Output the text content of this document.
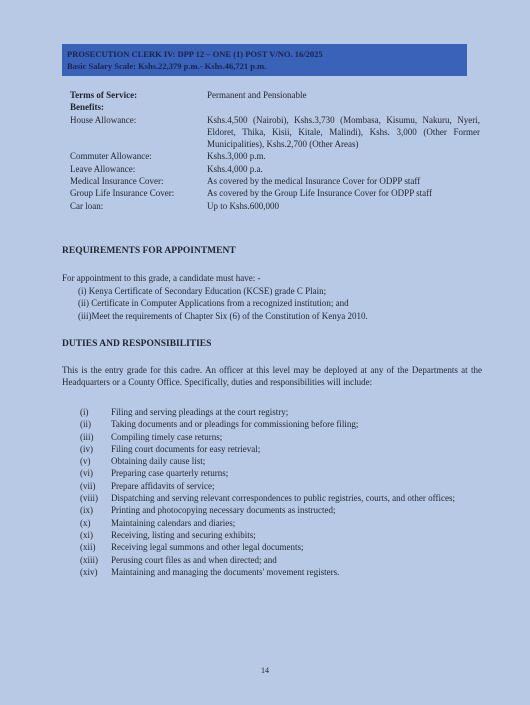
PROSECUTION CLERK IV: DPP 12 – ONE (1) POST V/NO. 16/2025
Basic Salary Scale: Kshs.22,379 p.m.- Kshs.46,721 p.m.
Terms of Service:	Permanent and Pensionable
Benefits:
House Allowance:	Kshs.4,500 (Nairobi), Kshs.3,730 (Mombasa, Kisumu, Nakuru, Nyeri, Eldoret, Thika, Kisii, Kitale, Malindi), Kshs. 3,000 (Other Former Municipalities), Kshs.2,700 (Other Areas)
Commuter Allowance:	Kshs.3,000 p.m.
Leave Allowance:	Kshs.4,000 p.a.
Medical Insurance Cover:	As covered by the medical Insurance Cover for ODPP staff
Group Life Insurance Cover:	As covered by the Group Life Insurance Cover for ODPP staff
Car loan:	Up to Kshs.600,000
REQUIREMENTS FOR APPOINTMENT
For appointment to this grade, a candidate must have: -
(i) Kenya Certificate of Secondary Education (KCSE) grade C Plain;
(ii) Certificate in Computer Applications from a recognized institution; and
(iii)Meet the requirements of Chapter Six (6) of the Constitution of Kenya 2010.
DUTIES AND RESPONSIBILITIES
This is the entry grade for this cadre. An officer at this level may be deployed at any of the Departments at the Headquarters or a County Office. Specifically, duties and responsibilities will include:
(i)	Filing and serving pleadings at the court registry;
(ii)	Taking documents and or pleadings for commissioning before filing;
(iii)	Compiling timely case returns;
(iv)	Filing court documents for easy retrieval;
(v)	Obtaining daily cause list;
(vi)	Preparing case quarterly returns;
(vii)	Prepare affidavits of service;
(viii)	Dispatching and serving relevant correspondences to public registries, courts, and other offices;
(ix)	Printing and photocopying necessary documents as instructed;
(x)	Maintaining calendars and diaries;
(xi)	Receiving, listing and securing exhibits;
(xii)	Receiving legal summons and other legal documents;
(xiii)	Perusing court files as and when directed; and
(xiv)	Maintaining and managing the documents' movement registers.
14
